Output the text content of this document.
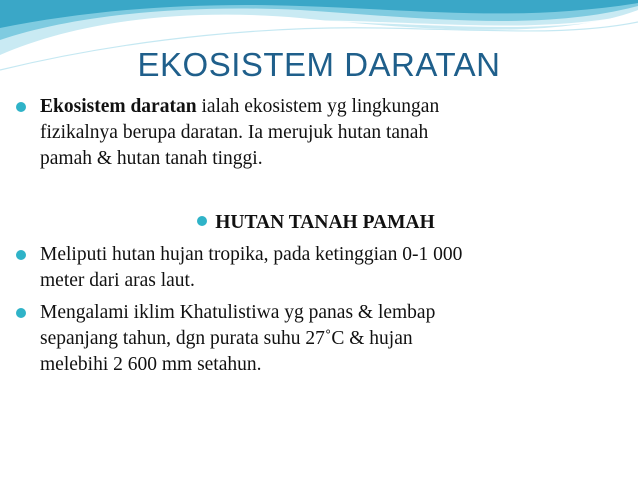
EKOSISTEM DARATAN
Ekosistem daratan ialah ekosistem yg lingkungan
fizikalnya berupa daratan. Ia merujuk hutan tanah
pamah & hutan tanah tinggi.
HUTAN TANAH PAMAH
Meliputi hutan hujan tropika, pada ketinggian 0-1 000
meter dari aras laut.
Mengalami iklim Khatulistiwa yg panas & lembap
sepanjang tahun, dgn purata suhu 27˚C & hujan
melebihi 2 600 mm setahun.
